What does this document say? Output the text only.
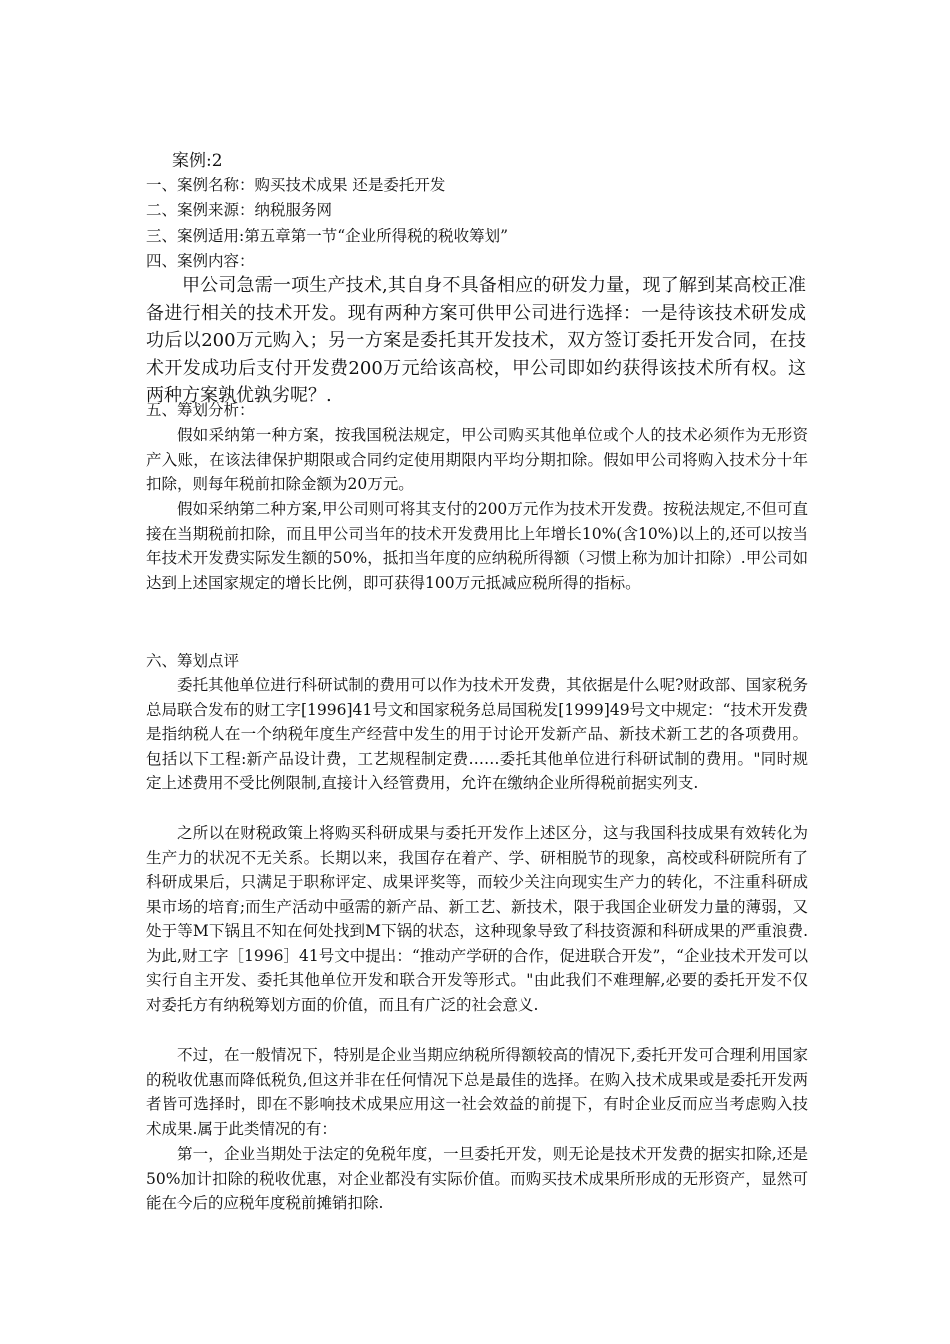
案例:2
一、案例名称：购买技术成果 还是委托开发
二、案例来源：纳税服务网
三、案例适用:第五章第一节“企业所得税的税收筹划”
四、案例内容：
甲公司急需一项生产技术,其自身不具备相应的研发力量，现了解到某高校正准备进行相关的技术开发。现有两种方案可供甲公司进行选择：一是待该技术研发成功后以200万元购入；另一方案是委托其开发技术，双方签订委托开发合同，在技术开发成功后支付开发费200万元给该高校，甲公司即如约获得该技术所有权。这两种方案孰优孰劣呢？.
五、筹划分析：
假如采纳第一种方案，按我国税法规定，甲公司购买其他单位或个人的技术必须作为无形资产入账，在该法律保护期限或合同约定使用期限内平均分期扣除。假如甲公司将购入技术分十年扣除，则每年税前扣除金额为20万元。
假如采纳第二种方案,甲公司则可将其支付的200万元作为技术开发费。按税法规定,不但可直接在当期税前扣除，而且甲公司当年的技术开发费用比上年增长10%(含10%)以上的,还可以按当年技术开发费实际发生额的50%，抵扣当年度的应纳税所得额（习惯上称为加计扣除）.甲公司如达到上述国家规定的增长比例，即可获得100万元抵减应税所得的指标。
六、筹划点评
委托其他单位进行科研试制的费用可以作为技术开发费，其依据是什么呢?财政部、国家税务总局联合发布的财工字[1996]41号文和国家税务总局国税发[1999]49号文中规定：“技术开发费是指纳税人在一个纳税年度生产经营中发生的用于讨论开发新产品、新技术新工艺的各项费用。包括以下工程:新产品设计费，工艺规程制定费……委托其他单位进行科研试制的费用。"同时规定上述费用不受比例限制,直接计入经管费用，允许在缴纳企业所得税前据实列支.
之所以在财税政策上将购买科研成果与委托开发作上述区分，这与我国科技成果有效转化为生产力的状况不无关系。长期以来，我国存在着产、学、研相脱节的现象，高校或科研院所有了科研成果后，只满足于职称评定、成果评奖等，而较少关注向现实生产力的转化，不注重科研成果市场的培育;而生产活动中亟需的新产品、新工艺、新技术，限于我国企业研发力量的薄弱，又处于等M下锅且不知在何处找到M下锅的状态，这种现象导致了科技资源和科研成果的严重浪费.为此,财工字［1996］41号文中提出：“推动产学研的合作，促进联合开发”，“企业技术开发可以实行自主开发、委托其他单位开发和联合开发等形式。"由此我们不难理解,必要的委托开发不仅对委托方有纳税筹划方面的价值，而且有广泛的社会意义.
不过，在一般情况下，特别是企业当期应纳税所得额较高的情况下,委托开发可合理利用国家的税收优惠而降低税负,但这并非在任何情况下总是最佳的选择。在购入技术成果或是委托开发两者皆可选择时，即在不影响技术成果应用这一社会效益的前提下，有时企业反而应当考虑购入技术成果.属于此类情况的有：
第一，企业当期处于法定的免税年度，一旦委托开发，则无论是技术开发费的据实扣除,还是50%加计扣除的税收优惠，对企业都没有实际价值。而购买技术成果所形成的无形资产，显然可能在今后的应税年度税前摊销扣除.
